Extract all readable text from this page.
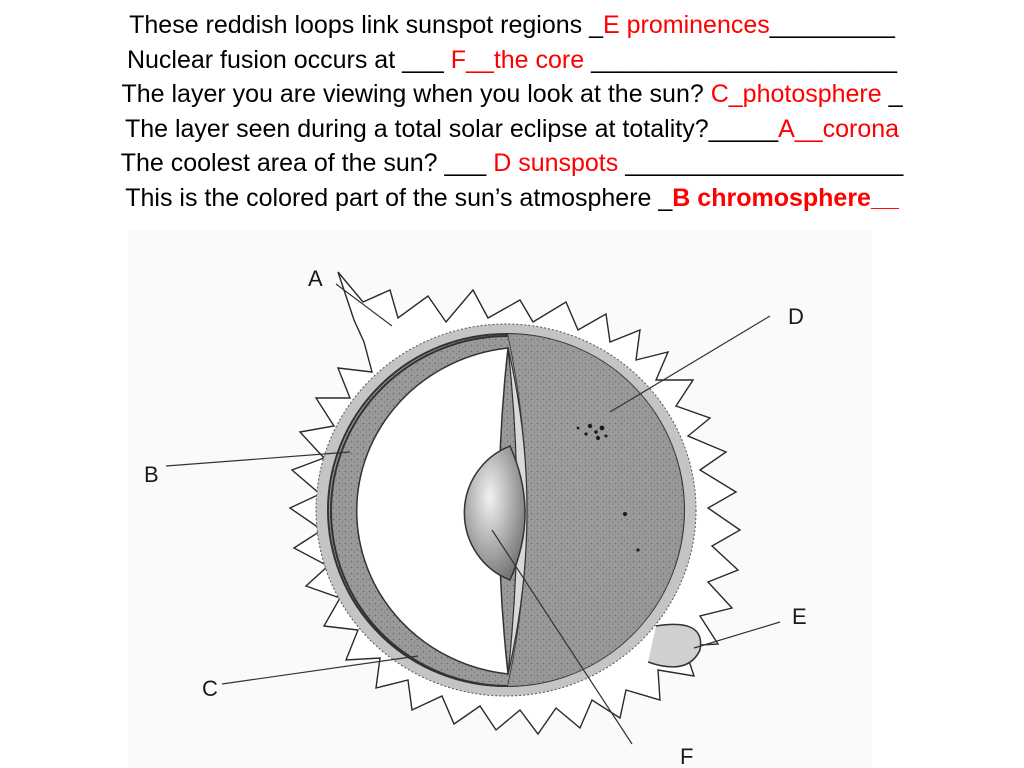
These reddish loops link sunspot regions _E prominences_________
Nuclear fusion occurs at ___ F__the core ______________________
The layer you are viewing when you look at the sun? C_photosphere _
The layer seen during a total solar eclipse at totality?_____A__corona
The coolest area of the sun? ___ D sunspots ____________________
This is the colored part of the sun’s atmosphere _B chromosphere__
A
B
C
D
E
F
